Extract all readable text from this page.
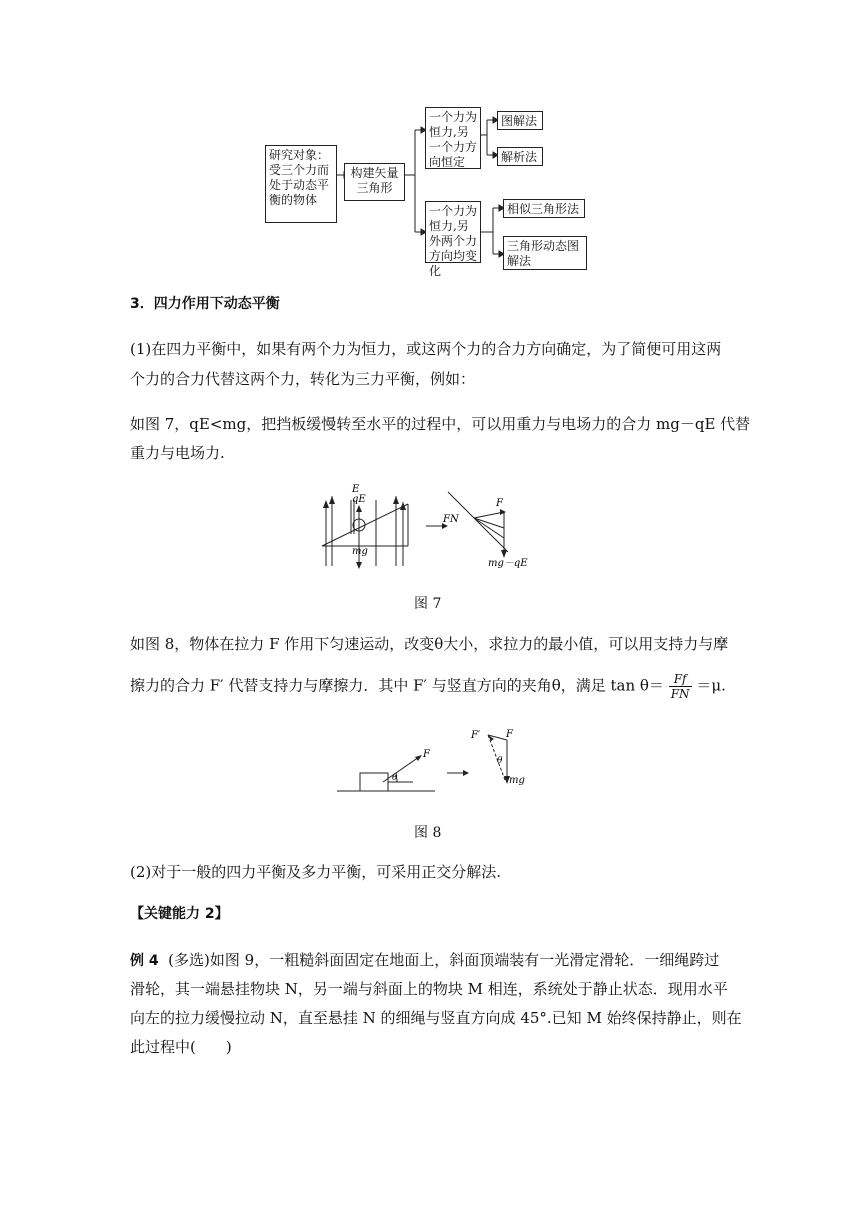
研究对象：受三个力而处于动态平衡的物体
构建矢量三角形
一个力为恒力,另一个力方向恒定
一个力为恒力,另外两个力方向均变化
图解法
解析法
相似三角形法
三角形动态图解法
3．四力作用下动态平衡
(1)在四力平衡中，如果有两个力为恒力，或这两个力的合力方向确定，为了简便可用这两
个力的合力代替这两个力，转化为三力平衡，例如：
如图 7，qE<mg，把挡板缓慢转至水平的过程中，可以用重力与电场力的合力 mg－qE 代替
重力与电场力.
E
qE
mg
FN
F
mg－qE
图 7
如图 8，物体在拉力 F 作用下匀速运动，改变θ大小，求拉力的最小值，可以用支持力与摩
擦力的合力 F′ 代替支持力与摩擦力．其中 F′ 与竖直方向的夹角θ，满足 $\tan \theta= \frac{Ff}{FN} =\mu$.
F
θ
F′	F
θ
mg
图 8
(2)对于一般的四力平衡及多力平衡，可采用正交分解法.
【关键能力 2】
例 4 (多选)如图 9，一粗糙斜面固定在地面上，斜面顶端装有一光滑定滑轮．一细绳跨过
滑轮，其一端悬挂物块 N，另一端与斜面上的物块 M 相连，系统处于静止状态．现用水平
向左的拉力缓慢拉动 N，直至悬挂 N 的细绳与竖直方向成 45°.已知 M 始终保持静止，则在
此过程中(　　)
